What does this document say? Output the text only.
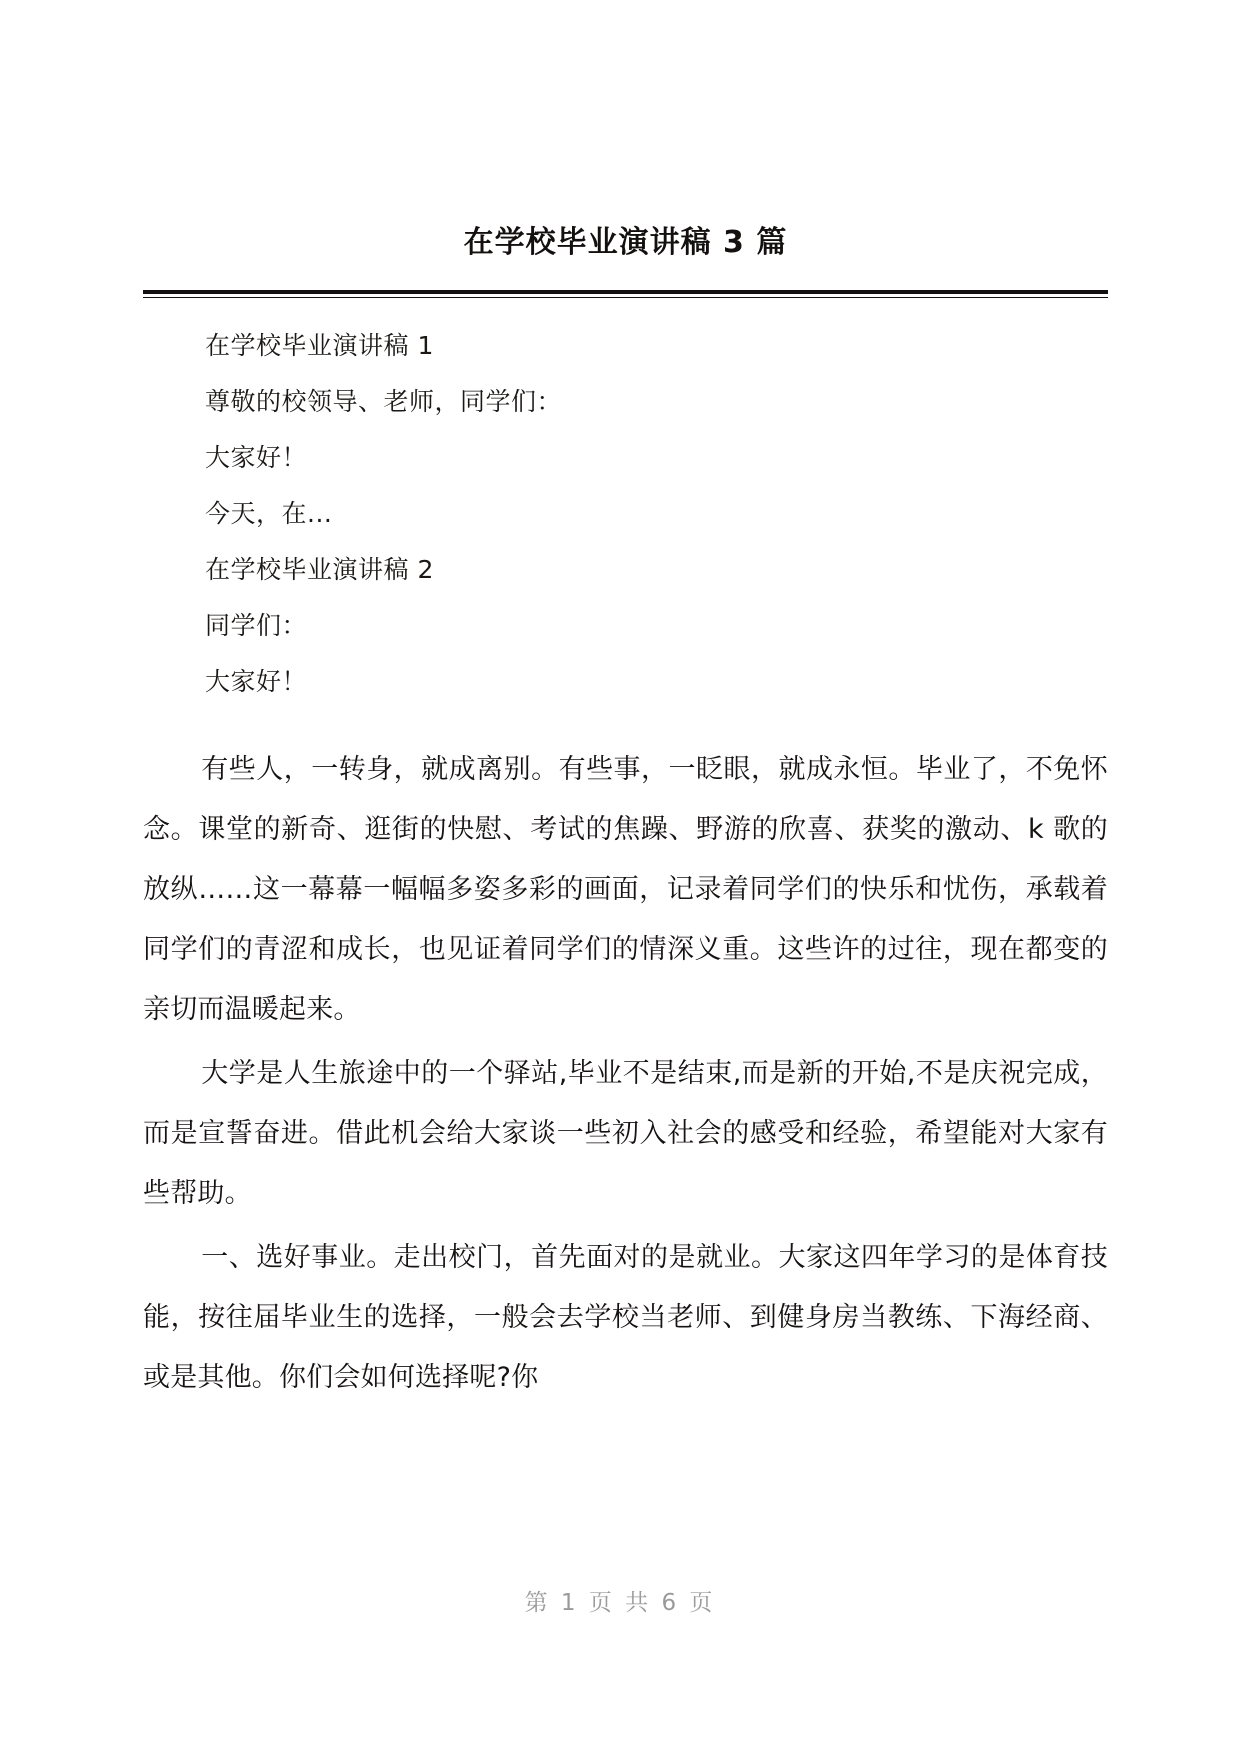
在学校毕业演讲稿 3 篇
在学校毕业演讲稿 1
尊敬的校领导、老师，同学们：
大家好！
今天，在...
在学校毕业演讲稿 2
同学们：
大家好！

有些人，一转身，就成离别。有些事，一眨眼，就成永恒。毕业了，不免怀念。课堂的新奇、逛街的快慰、考试的焦躁、野游的欣喜、获奖的激动、k 歌的放纵……这一幕幕一幅幅多姿多彩的画面，记录着同学们的快乐和忧伤，承载着同学们的青涩和成长，也见证着同学们的情深义重。这些许的过往，现在都变的亲切而温暖起来。

大学是人生旅途中的一个驿站,毕业不是结束,而是新的开始,不是庆祝完成，而是宣誓奋进。借此机会给大家谈一些初入社会的感受和经验，希望能对大家有些帮助。

一、选好事业。走出校门，首先面对的是就业。大家这四年学习的是体育技能，按往届毕业生的选择，一般会去学校当老师、到健身房当教练、下海经商、或是其他。你们会如何选择呢?你

第 1 页 共 6 页
